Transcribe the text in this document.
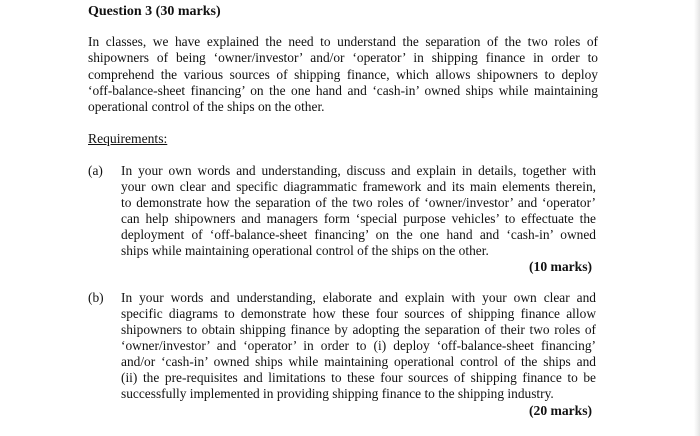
Question 3 (30 marks)
In classes, we have explained the need to understand the separation of the two roles of
shipowners of being ‘owner/investor’ and/or ‘operator’ in shipping finance in order to
comprehend the various sources of shipping finance, which allows shipowners to deploy
‘off-balance-sheet financing’ on the one hand and ‘cash-in’ owned ships while maintaining
operational control of the ships on the other.
Requirements:
(a) In your own words and understanding, discuss and explain in details, together with
your own clear and specific diagrammatic framework and its main elements therein,
to demonstrate how the separation of the two roles of ‘owner/investor’ and ‘operator’
can help shipowners and managers form ‘special purpose vehicles’ to effectuate the
deployment of ‘off-balance-sheet financing’ on the one hand and ‘cash-in’ owned
ships while maintaining operational control of the ships on the other.
(10 marks)
(b) In your words and understanding, elaborate and explain with your own clear and
specific diagrams to demonstrate how these four sources of shipping finance allow
shipowners to obtain shipping finance by adopting the separation of their two roles of
‘owner/investor’ and ‘operator’ in order to (i) deploy ‘off-balance-sheet financing’
and/or ‘cash-in’ owned ships while maintaining operational control of the ships and
(ii) the pre-requisites and limitations to these four sources of shipping finance to be
successfully implemented in providing shipping finance to the shipping industry.
(20 marks)
